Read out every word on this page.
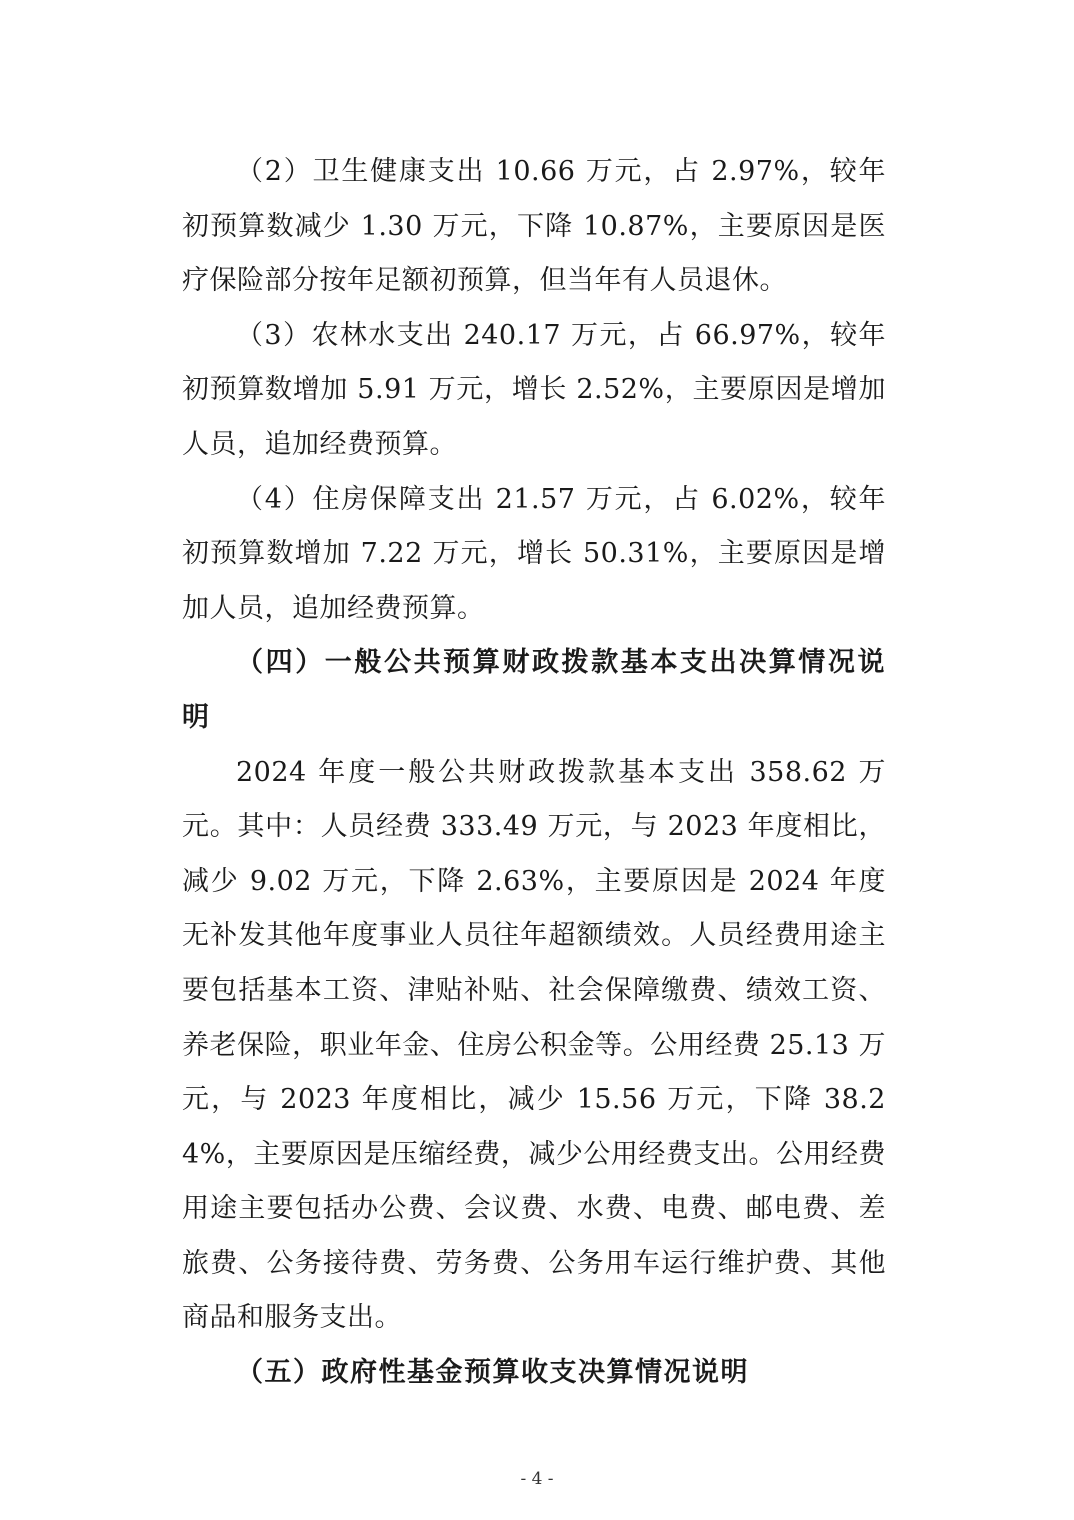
（2）卫生健康支出 10.66 万元，占 2.97%，较年初预算数减少 1.30 万元，下降 10.87%，主要原因是医疗保险部分按年足额初预算，但当年有人员退休。

（3）农林水支出 240.17 万元，占 66.97%，较年初预算数增加 5.91 万元，增长 2.52%，主要原因是增加人员，追加经费预算。

（4）住房保障支出 21.57 万元，占 6.02%，较年初预算数增加 7.22 万元，增长 50.31%，主要原因是增加人员，追加经费预算。

（四）一般公共预算财政拨款基本支出决算情况说明

2024 年度一般公共财政拨款基本支出 358.62 万元。其中：人员经费 333.49 万元，与 2023 年度相比，减少 9.02 万元，下降 2.63%，主要原因是 2024 年度无补发其他年度事业人员往年超额绩效。人员经费用途主要包括基本工资、津贴补贴、社会保障缴费、绩效工资、养老保险，职业年金、住房公积金等。公用经费 25.13 万元，与 2023 年度相比，减少 15.56 万元，下降 38.24%，主要原因是压缩经费，减少公用经费支出。公用经费用途主要包括办公费、会议费、水费、电费、邮电费、差旅费、公务接待费、劳务费、公务用车运行维护费、其他商品和服务支出。

（五）政府性基金预算收支决算情况说明

- 4 -
